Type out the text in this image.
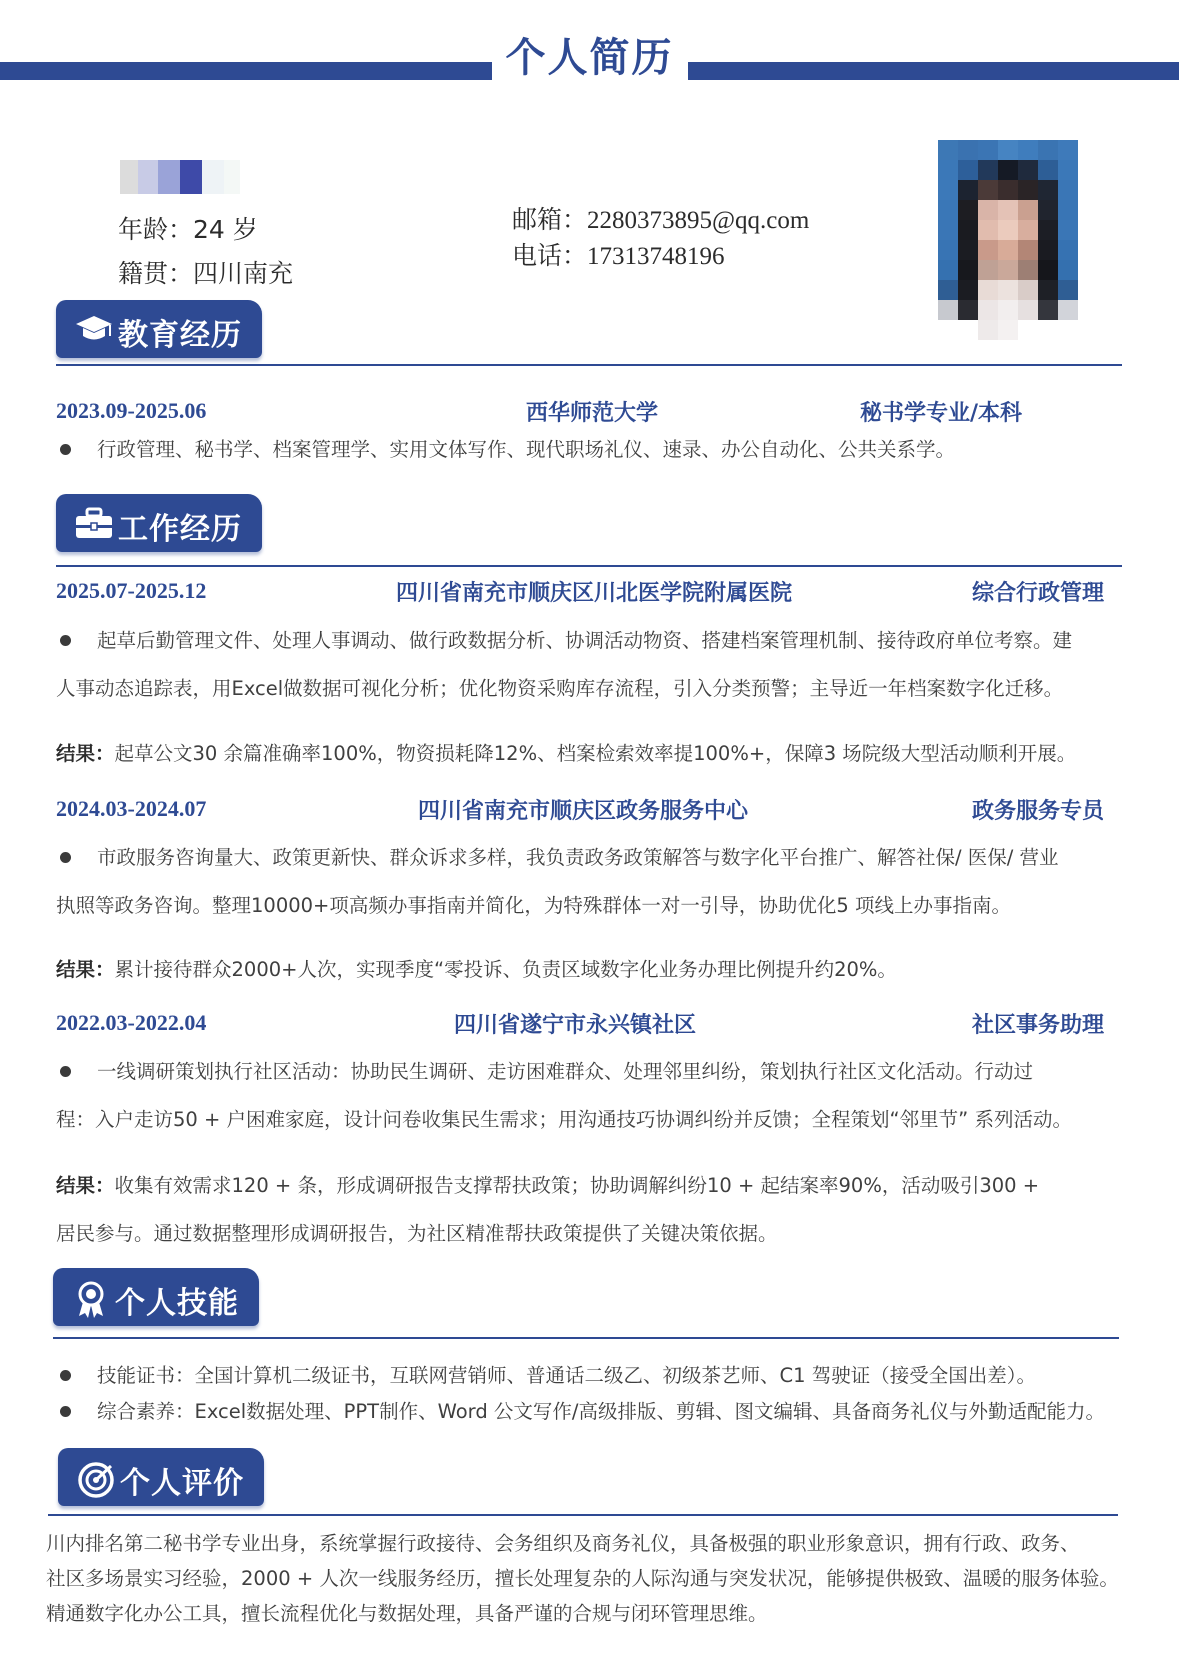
个人简历
年龄：24 岁
籍贯：四川南充
邮箱：2280373895@qq.com
电话：17313748196
教育经历
2023.09-2025.06	西华师范大学	秘书学专业/本科
行政管理、秘书学、档案管理学、实用文体写作、现代职场礼仪、速录、办公自动化、公共关系学。
工作经历
2025.07-2025.12	四川省南充市顺庆区川北医学院附属医院	综合行政管理
起草后勤管理文件、处理人事调动、做行政数据分析、协调活动物资、搭建档案管理机制、接待政府单位考察。建
人事动态追踪表，用Excel做数据可视化分析；优化物资采购库存流程，引入分类预警；主导近一年档案数字化迁移。
结果：起草公文30 余篇准确率100%，物资损耗降12%、档案检索效率提100%+，保障3 场院级大型活动顺利开展。
2024.03-2024.07	四川省南充市顺庆区政务服务中心	政务服务专员
市政服务咨询量大、政策更新快、群众诉求多样，我负责政务政策解答与数字化平台推广、解答社保/ 医保/ 营业
执照等政务咨询。整理10000+项高频办事指南并简化，为特殊群体一对一引导，协助优化5 项线上办事指南。
结果：累计接待群众2000+人次，实现季度“零投诉、负责区域数字化业务办理比例提升约20%。
2022.03-2022.04	四川省遂宁市永兴镇社区	社区事务助理
一线调研策划执行社区活动：协助民生调研、走访困难群众、处理邻里纠纷，策划执行社区文化活动。行动过
程：入户走访50 + 户困难家庭，设计问卷收集民生需求；用沟通技巧协调纠纷并反馈；全程策划“邻里节” 系列活动。
结果：收集有效需求120 + 条，形成调研报告支撑帮扶政策；协助调解纠纷10 + 起结案率90%，活动吸引300 +
居民参与。通过数据整理形成调研报告，为社区精准帮扶政策提供了关键决策依据。
个人技能
技能证书：全国计算机二级证书，互联网营销师、普通话二级乙、初级茶艺师、C1 驾驶证（接受全国出差）。
综合素养：Excel数据处理、PPT制作、Word 公文写作/高级排版、剪辑、图文编辑、具备商务礼仪与外勤适配能力。
个人评价
川内排名第二秘书学专业出身，系统掌握行政接待、会务组织及商务礼仪，具备极强的职业形象意识，拥有行政、政务、
社区多场景实习经验，2000 + 人次一线服务经历，擅长处理复杂的人际沟通与突发状况，能够提供极致、温暖的服务体验。
精通数字化办公工具，擅长流程优化与数据处理，具备严谨的合规与闭环管理思维。
